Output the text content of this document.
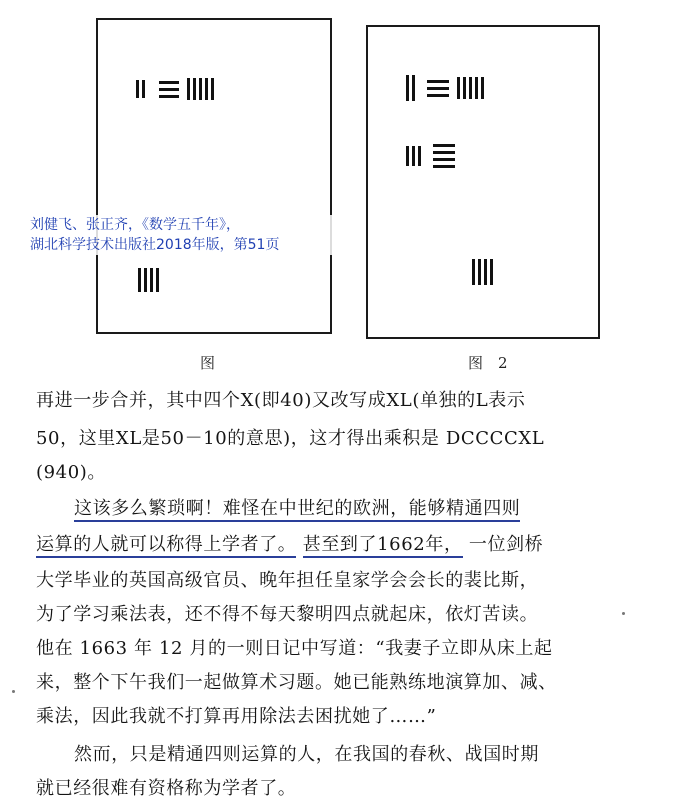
图	图　2
刘健飞、张正齐，《数学五千年》，
湖北科学技术出版社2018年版，第51页
再进一步合并，其中四个X(即40)又改写成XL(单独的L表示
50，这里XL是50－10的意思)，这才得出乘积是 DCCCCXL
(940)。
这该多么繁琐啊！难怪在中世纪的欧洲，能够精通四则
运算的人就可以称得上学者了。 甚至到了1662年， 一位剑桥
大学毕业的英国高级官员、晚年担任皇家学会会长的裴比斯，
为了学习乘法表，还不得不每天黎明四点就起床，依灯苦读。
他在 1663 年 12 月的一则日记中写道：“我妻子立即从床上起
来，整个下午我们一起做算术习题。她已能熟练地演算加、减、
乘法，因此我就不打算再用除法去困扰她了……”
然而，只是精通四则运算的人，在我国的春秋、战国时期
就已经很难有资格称为学者了。
